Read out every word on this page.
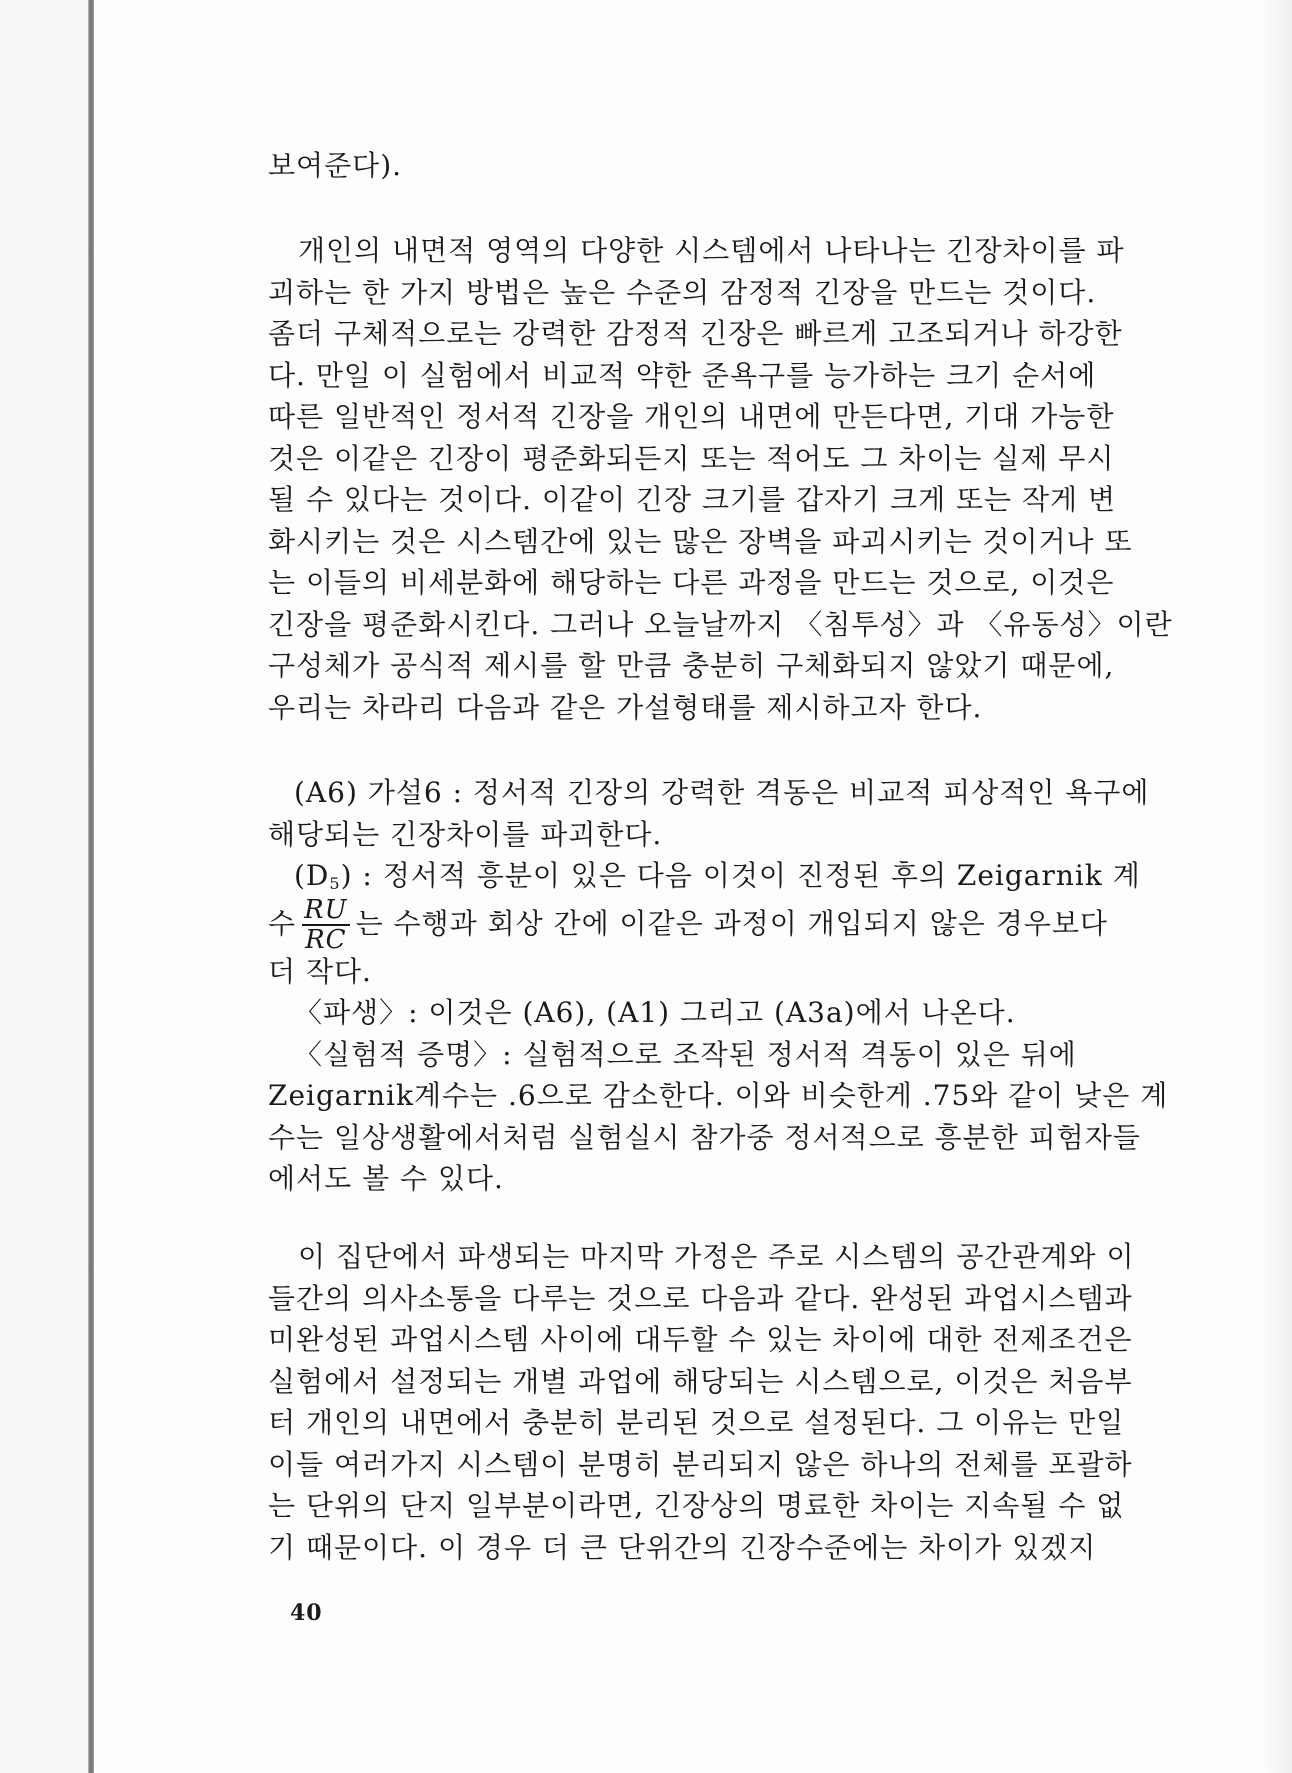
보여준다).
개인의 내면적 영역의 다양한 시스템에서 나타나는 긴장차이를 파
괴하는 한 가지 방법은 높은 수준의 감정적 긴장을 만드는 것이다.
좀더 구체적으로는 강력한 감정적 긴장은 빠르게 고조되거나 하강한
다. 만일 이 실험에서 비교적 약한 준욕구를 능가하는 크기 순서에
따른 일반적인 정서적 긴장을 개인의 내면에 만든다면, 기대 가능한
것은 이같은 긴장이 평준화되든지 또는 적어도 그 차이는 실제 무시
될 수 있다는 것이다. 이같이 긴장 크기를 갑자기 크게 또는 작게 변
화시키는 것은 시스템간에 있는 많은 장벽을 파괴시키는 것이거나 또
는 이들의 비세분화에 해당하는 다른 과정을 만드는 것으로, 이것은
긴장을 평준화시킨다. 그러나 오늘날까지 〈침투성〉과 〈유동성〉이란
구성체가 공식적 제시를 할 만큼 충분히 구체화되지 않았기 때문에,
우리는 차라리 다음과 같은 가설형태를 제시하고자 한다.
(A6) 가설6 : 정서적 긴장의 강력한 격동은 비교적 피상적인 욕구에
해당되는 긴장차이를 파괴한다.
$(D_5)$ : 정서적 흥분이 있은 다음 이것이 진정된 후의 Zeigarnik 계
수 $\frac{RU}{RC}$ 는 수행과 회상 간에 이같은 과정이 개입되지 않은 경우보다
더 작다.
〈파생〉: 이것은 (A6), (A1) 그리고 (A3a)에서 나온다.
〈실험적 증명〉: 실험적으로 조작된 정서적 격동이 있은 뒤에
Zeigarnik계수는 .6으로 감소한다. 이와 비슷한게 .75와 같이 낮은 계
수는 일상생활에서처럼 실험실시 참가중 정서적으로 흥분한 피험자들
에서도 볼 수 있다.
이 집단에서 파생되는 마지막 가정은 주로 시스템의 공간관계와 이
들간의 의사소통을 다루는 것으로 다음과 같다. 완성된 과업시스템과
미완성된 과업시스템 사이에 대두할 수 있는 차이에 대한 전제조건은
실험에서 설정되는 개별 과업에 해당되는 시스템으로, 이것은 처음부
터 개인의 내면에서 충분히 분리된 것으로 설정된다. 그 이유는 만일
이들 여러가지 시스템이 분명히 분리되지 않은 하나의 전체를 포괄하
는 단위의 단지 일부분이라면, 긴장상의 명료한 차이는 지속될 수 없
기 때문이다. 이 경우 더 큰 단위간의 긴장수준에는 차이가 있겠지
40
